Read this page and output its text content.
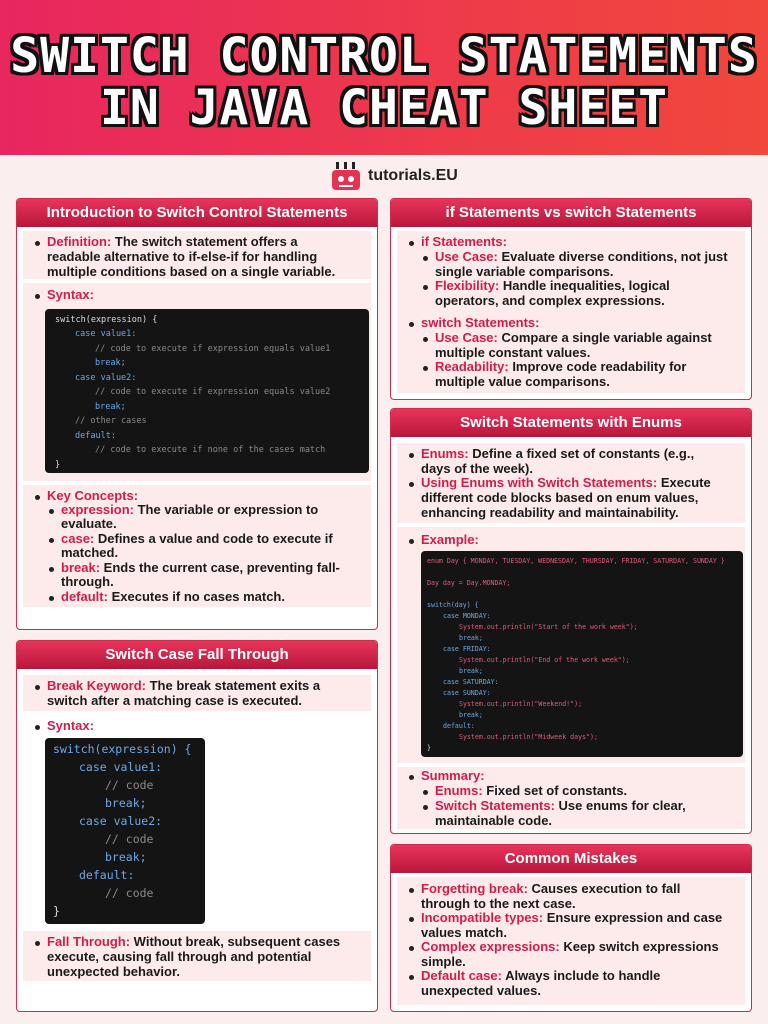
SWITCH CONTROL STATEMENTS
IN JAVA CHEAT SHEET
tutorials.EU
Introduction to Switch Control Statements
Definition: The switch statement offers a
readable alternative to if-else-if for handling
multiple conditions based on a single variable.
Syntax:

switch(expression) {

case value1:

// code to execute if expression equals value1

break;

case value2:

// code to execute if expression equals value2

break;

// other cases

default:

// code to execute if none of the cases match

}

Key Concepts:
expression: The variable or expression to
evaluate.
case: Defines a value and code to execute if
matched.
break: Ends the current case, preventing fall-
through.
default: Executes if no cases match.
Switch Case Fall Through
Break Keyword: The break statement exits a
switch after a matching case is executed.
Syntax:

switch(expression) {

case value1:

// code

break;

case value2:

// code

break;

default:

// code

}

Fall Through: Without break, subsequent cases
execute, causing fall through and potential
unexpected behavior.
if Statements vs switch Statements
if Statements:
Use Case: Evaluate diverse conditions, not just
single variable comparisons.
Flexibility: Handle inequalities, logical
operators, and complex expressions.
switch Statements:
Use Case: Compare a single variable against
multiple constant values.
Readability: Improve code readability for
multiple value comparisons.
Switch Statements with Enums
Enums: Define a fixed set of constants (e.g.,
days of the week).
Using Enums with Switch Statements: Execute
different code blocks based on enum values,
enhancing readability and maintainability.
Example:

enum Day { MONDAY, TUESDAY, WEDNESDAY, THURSDAY, FRIDAY, SATURDAY, SUNDAY }

Day day = Day.MONDAY;

switch(day) {

case MONDAY:

System.out.println("Start of the work week");

break;

case FRIDAY:

System.out.println("End of the work week");

break;

case SATURDAY:

case SUNDAY:

System.out.println("Weekend!");

break;

default:

System.out.println("Midweek days");

}

Summary:
Enums: Fixed set of constants.
Switch Statements: Use enums for clear,
maintainable code.
Common Mistakes
Forgetting break: Causes execution to fall
through to the next case.
Incompatible types: Ensure expression and case
values match.
Complex expressions: Keep switch expressions
simple.
Default case: Always include to handle
unexpected values.
